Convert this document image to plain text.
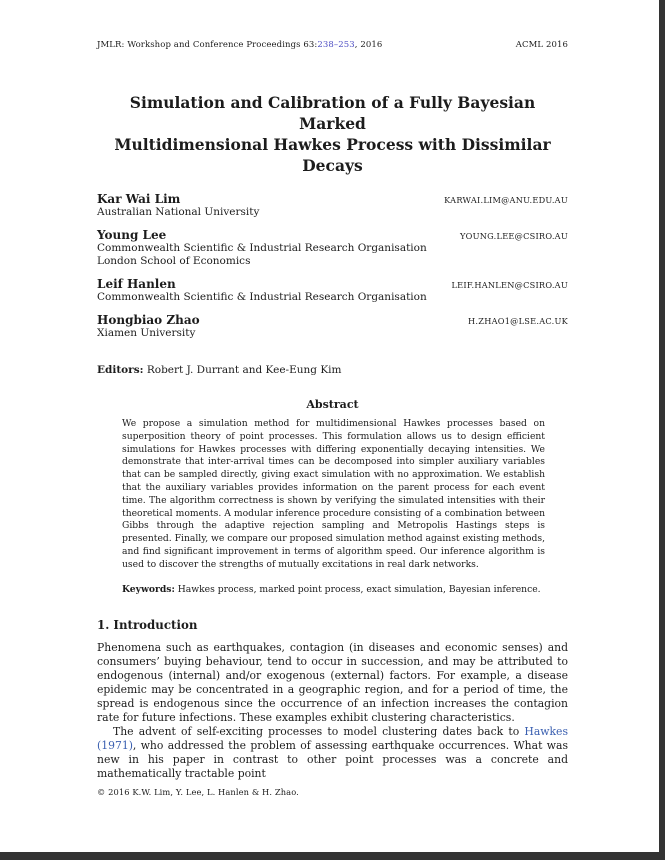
JMLR: Workshop and Conference Proceedings 63:238–253, 2016	ACML 2016
Simulation and Calibration of a Fully Bayesian Marked
Multidimensional Hawkes Process with Dissimilar Decays
Kar Wai Lim	KARWAI.LIM@ANU.EDU.AU
Australian National University
Young Lee	YOUNG.LEE@CSIRO.AU
Commonwealth Scientific & Industrial Research Organisation
London School of Economics
Leif Hanlen	LEIF.HANLEN@CSIRO.AU
Commonwealth Scientific & Industrial Research Organisation
Hongbiao Zhao	H.ZHAO1@LSE.AC.UK
Xiamen University
Editors: Robert J. Durrant and Kee-Eung Kim
Abstract
We propose a simulation method for multidimensional Hawkes processes based on superposition theory of point processes. This formulation allows us to design efficient simulations for Hawkes processes with differing exponentially decaying intensities. We demonstrate that inter-arrival times can be decomposed into simpler auxiliary variables that can be sampled directly, giving exact simulation with no approximation. We establish that the auxiliary variables provides information on the parent process for each event time. The algorithm correctness is shown by verifying the simulated intensities with their theoretical moments. A modular inference procedure consisting of a combination between Gibbs through the adaptive rejection sampling and Metropolis Hastings steps is presented. Finally, we compare our proposed simulation method against existing methods, and find significant improvement in terms of algorithm speed. Our inference algorithm is used to discover the strengths of mutually excitations in real dark networks.
Keywords: Hawkes process, marked point process, exact simulation, Bayesian inference.
1. Introduction
Phenomena such as earthquakes, contagion (in diseases and economic senses) and consumers’ buying behaviour, tend to occur in succession, and may be attributed to endogenous (internal) and/or exogenous (external) factors. For example, a disease epidemic may be concentrated in a geographic region, and for a period of time, the spread is endogenous since the occurrence of an infection increases the contagion rate for future infections. These examples exhibit clustering characteristics.
The advent of self-exciting processes to model clustering dates back to Hawkes (1971), who addressed the problem of assessing earthquake occurrences. What was new in his paper in contrast to other point processes was a concrete and mathematically tractable point
© 2016 K.W. Lim, Y. Lee, L. Hanlen & H. Zhao.
